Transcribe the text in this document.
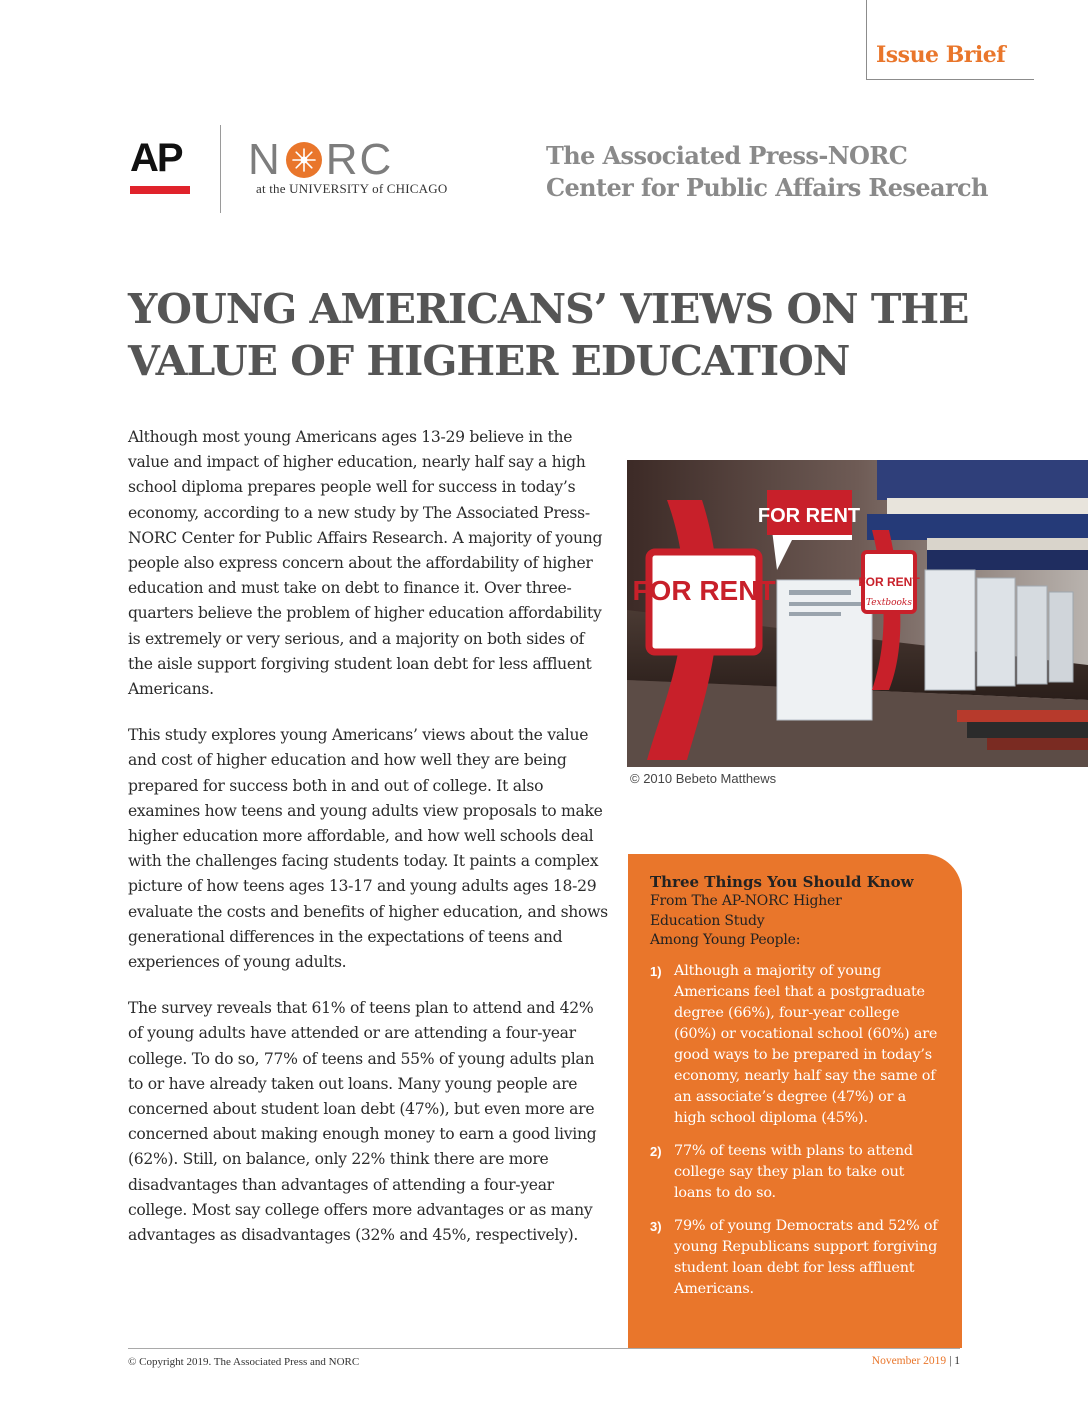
Issue Brief
AP N RC
at the UNIVERSITY of CHICAGO
The Associated Press-NORC
Center for Public Affairs Research
YOUNG AMERICANS’ VIEWS ON THE
VALUE OF HIGHER EDUCATION

Although most young Americans ages 13-29 believe in the value and impact of higher education, nearly half say a high school diploma prepares people well for success in today’s economy, according to a new study by The Associated Press-NORC Center for Public Affairs Research. A majority of young people also express concern about the affordability of higher education and must take on debt to finance it. Over three-quarters believe the problem of higher education affordability is extremely or very serious, and a majority on both sides of the aisle support forgiving student loan debt for less affluent Americans.

This study explores young Americans’ views about the value and cost of higher education and how well they are being prepared for success both in and out of college. It also examines how teens and young adults view proposals to make higher education more affordable, and how well schools deal with the challenges facing students today. It paints a complex picture of how teens ages 13-17 and young adults ages 18-29 evaluate the costs and benefits of higher education, and shows generational differences in the expectations of teens and experiences of young adults.

The survey reveals that 61% of teens plan to attend and 42% of young adults have attended or are attending a four-year college. To do so, 77% of teens and 55% of young adults plan to or have already taken out loans. Many young people are concerned about student loan debt (47%), but even more are concerned about making enough money to earn a good living (62%). Still, on balance, only 22% think there are more disadvantages than advantages of attending a four-year college. Most say college offers more advantages or as many advantages as disadvantages (32% and 45%, respectively).

FOR RENT	FOR RENT
Textbooks
FOR RENT
© 2010 Bebeto Matthews

Three Things You Should Know

From The AP-NORC Higher

Education Study

Among Young People:

1) Although a majority of young Americans feel that a postgraduate degree (66%), four-year college (60%) or vocational school (60%) are good ways to be prepared in today’s economy, nearly half say the same of an associate’s degree (47%) or a high school diploma (45%).
2) 77% of teens with plans to attend college say they plan to take out loans to do so.
3) 79% of young Democrats and 52% of young Republicans support forgiving student loan debt for less affluent Americans.
© Copyright 2019. The Associated Press and NORC	November 2019 | 1
